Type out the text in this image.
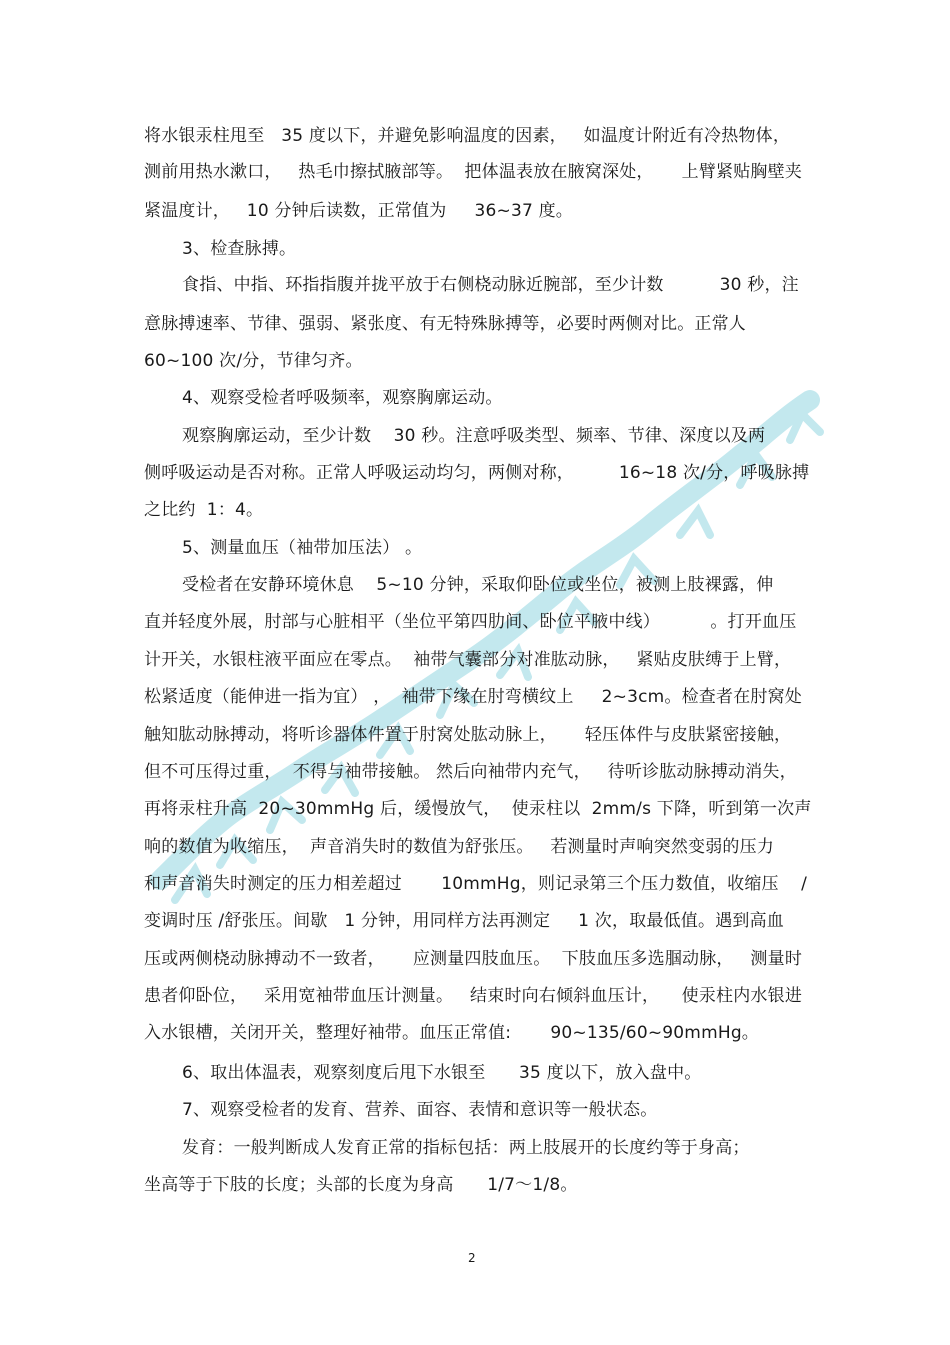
将水银汞柱甩至   35 度以下，并避免影响温度的因素，   如温度计附近有冷热物体，
测前用热水漱口，   热毛巾擦拭腋部等。  把体温表放在腋窝深处，     上臂紧贴胸壁夹
紧温度计，   10 分钟后读数，正常值为     36~37 度。
3、检查脉搏。
食指、中指、环指指腹并拢平放于右侧桡动脉近腕部，至少计数          30 秒，注
意脉搏速率、节律、强弱、紧张度、有无特殊脉搏等，必要时两侧对比。正常人
60~100 次/分，节律匀齐。
4、观察受检者呼吸频率，观察胸廓运动。
观察胸廓运动，至少计数    30 秒。注意呼吸类型、频率、节律、深度以及两
侧呼吸运动是否对称。正常人呼吸运动均匀，两侧对称，        16~18 次/分，呼吸脉搏
之比约  1：4。
5、测量血压（袖带加压法） 。
受检者在安静环境休息    5~10 分钟，采取仰卧位或坐位，被测上肢裸露，伸
直并轻度外展，肘部与心脏相平（坐位平第四肋间、卧位平腋中线）         。打开血压
计开关，水银柱液平面应在零点。  袖带气囊部分对准肱动脉，   紧贴皮肤缚于上臂，
松紧适度（能伸进一指为宜） ，  袖带下缘在肘弯横纹上     2~3cm。检查者在肘窝处
触知肱动脉搏动，将听诊器体件置于肘窝处肱动脉上，     轻压体件与皮肤紧密接触，
但不可压得过重，  不得与袖带接触。 然后向袖带内充气，   待听诊肱动脉搏动消失，
再将汞柱升高  20~30mmHg 后，缓慢放气，  使汞柱以  2mm/s 下降，听到第一次声
响的数值为收缩压，  声音消失时的数值为舒张压。   若测量时声响突然变弱的压力
和声音消失时测定的压力相差超过       10mmHg，则记录第三个压力数值，收缩压    /
变调时压 /舒张压。间歇   1 分钟，用同样方法再测定     1 次，取最低值。遇到高血
压或两侧桡动脉搏动不一致者，     应测量四肢血压。  下肢血压多选腘动脉，   测量时
患者仰卧位，   采用宽袖带血压计测量。   结束时向右倾斜血压计，    使汞柱内水银进
入水银槽，关闭开关，整理好袖带。血压正常值:       90~135/60~90mmHg。
6、取出体温表，观察刻度后甩下水银至      35 度以下，放入盘中。
7、观察受检者的发育、营养、面容、表情和意识等一般状态。
发育：一般判断成人发育正常的指标包括：两上肢展开的长度约等于身高；
坐高等于下肢的长度；头部的长度为身高      1/7～1/8。
2
